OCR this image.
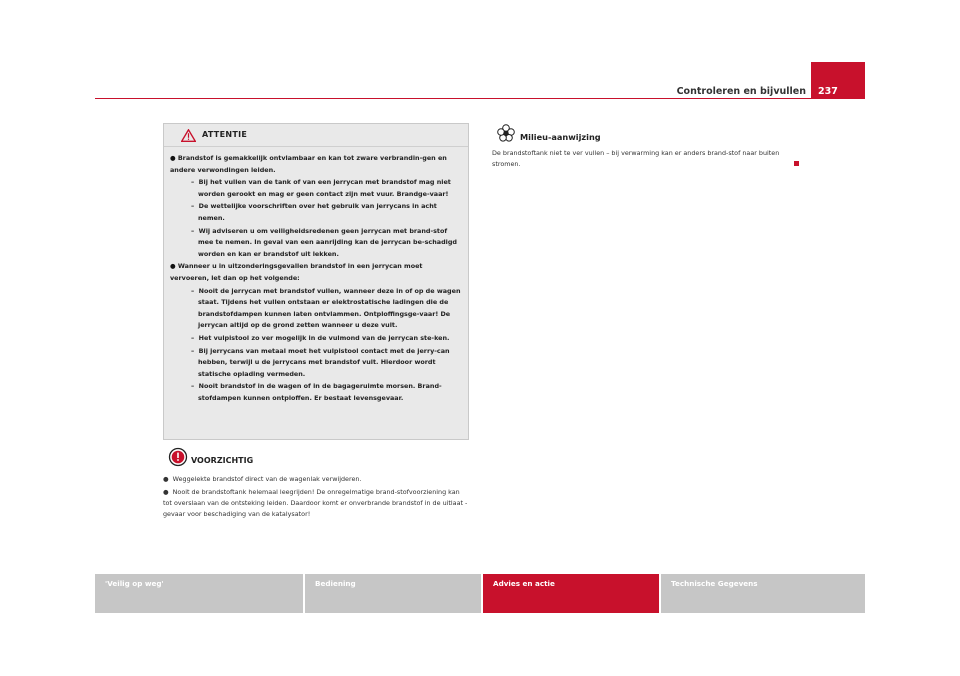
Controleren en bijvullen 237
ATTENTIE

● Brandstof is gemakkelijk ontvlambaar en kan tot zware verbrandin-gen en andere verwondingen leiden.

–  Bij het vullen van de tank of van een jerrycan met brandstof mag niet worden gerookt en mag er geen contact zijn met vuur. Brandge-vaar!

–  De wettelijke voorschriften over het gebruik van jerrycans in acht nemen.

–  Wij adviseren u om veiligheidsredenen geen jerrycan met brand-stof mee te nemen. In geval van een aanrijding kan de jerrycan be-schadigd worden en kan er brandstof uit lekken.

● Wanneer u in uitzonderingsgevallen brandstof in een jerrycan moet vervoeren, let dan op het volgende:

–  Nooit de jerrycan met brandstof vullen, wanneer deze in of op de wagen staat. Tijdens het vullen ontstaan er elektrostatische ladingen die de brandstofdampen kunnen laten ontvlammen. Ontploffingsge-vaar! De jerrycan altijd op de grond zetten wanneer u deze vult.

–  Het vulpistool zo ver mogelijk in de vulmond van de jerrycan ste-ken.

–  Bij jerrycans van metaal moet het vulpistool contact met de jerry-can hebben, terwijl u de jerrycans met brandstof vult. Hierdoor wordt statische oplading vermeden.

–  Nooit brandstof in de wagen of in de bagageruimte morsen. Brand-stofdampen kunnen ontploffen. Er bestaat levensgevaar.

VOORZICHTIG

●  Weggelekte brandstof direct van de wagenlak verwijderen.

●  Nooit de brandstoftank helemaal leegrijden! De onregelmatige brand-stofvoorziening kan tot overslaan van de ontsteking leiden. Daardoor komt er onverbrande brandstof in de uitlaat - gevaar voor beschadiging van de katalysator!

Milieu-aanwijzing
De brandstoftank niet te ver vullen – bij verwarming kan er anders brand-stof naar buiten stromen.
'Veilig op weg'	Bediening	Advies en actie	Technische Gegevens
